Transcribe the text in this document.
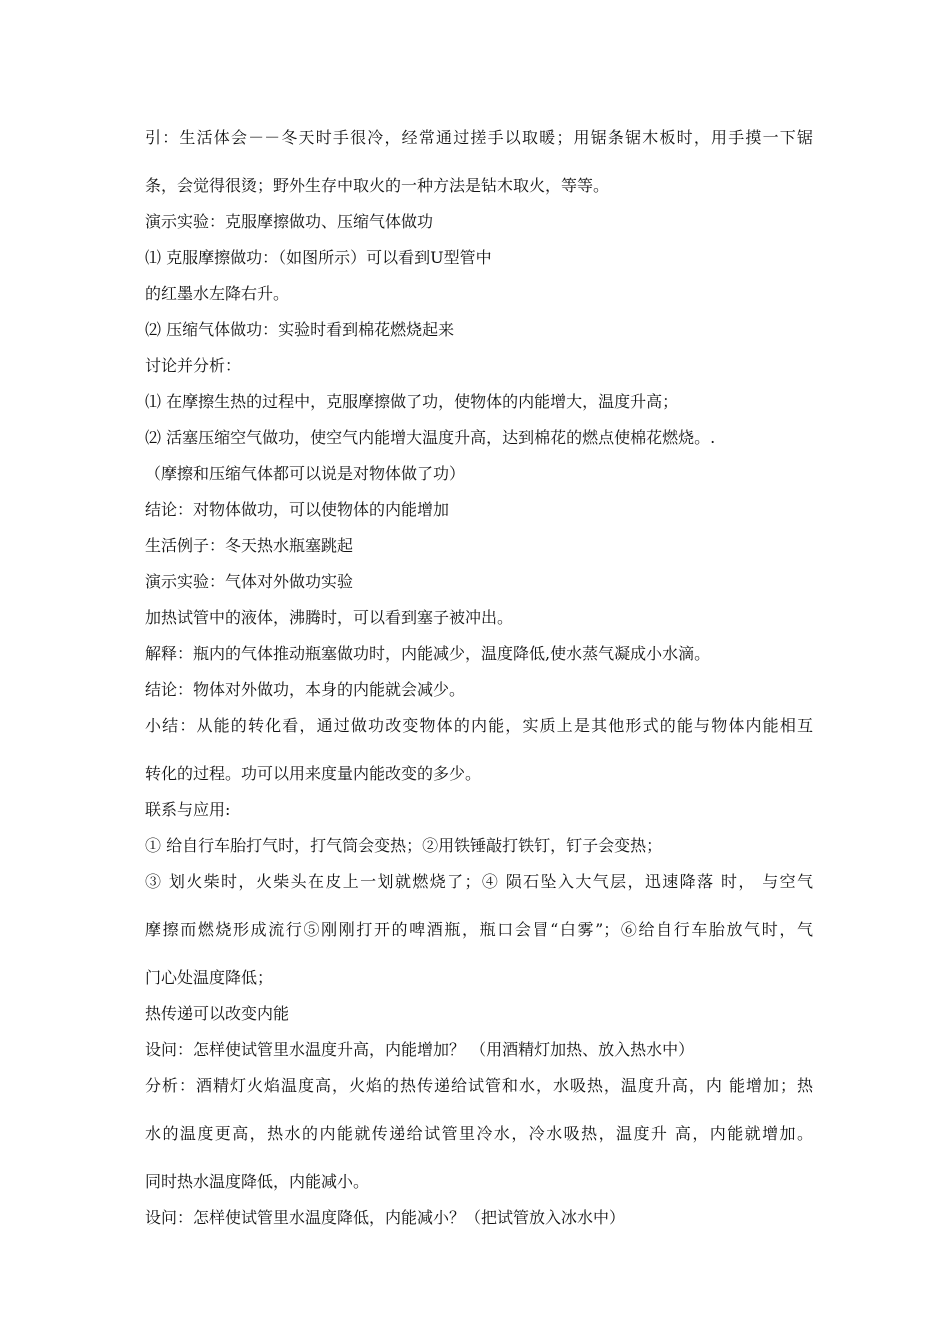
引：生活体会－－冬天时手很冷，经常通过搓手以取暖；用锯条锯木板时，用手摸一下锯
条，会觉得很烫；野外生存中取火的一种方法是钻木取火，等等。
演示实验：克服摩擦做功、压缩气体做功
⑴ 克服摩擦做功：（如图所示）可以看到U型管中
的红墨水左降右升。
⑵ 压缩气体做功：实验时看到棉花燃烧起来
讨论并分析：
⑴ 在摩擦生热的过程中，克服摩擦做了功，使物体的内能增大，温度升高；
⑵ 活塞压缩空气做功，使空气内能增大温度升高，达到棉花的燃点使棉花燃烧。.
（摩擦和压缩气体都可以说是对物体做了功）
结论：对物体做功，可以使物体的内能增加
生活例子：冬天热水瓶塞跳起
演示实验：气体对外做功实验
加热试管中的液体，沸腾时，可以看到塞子被冲出。
解释：瓶内的气体推动瓶塞做功时，内能减少，温度降低,使水蒸气凝成小水滴。
结论：物体对外做功，本身的内能就会减少。
小结：从能的转化看，通过做功改变物体的内能，实质上是其他形式的能与物体内能相互
转化的过程。功可以用来度量内能改变的多少。
联系与应用:
① 给自行车胎打气时，打气筒会变热；②用铁锤敲打铁钉，钉子会变热；
③ 划火柴时，火柴头在皮上一划就燃烧了；④ 陨石坠入大气层，迅速降落 时， 与空气
摩擦而燃烧形成流行⑤刚刚打开的啤酒瓶，瓶口会冒“白雾”；⑥给自行车胎放气时，气
门心处温度降低；
热传递可以改变内能
设问：怎样使试管里水温度升高，内能增加？ （用酒精灯加热、放入热水中）
分析：酒精灯火焰温度高，火焰的热传递给试管和水，水吸热，温度升高，内 能增加；热
水的温度更高，热水的内能就传递给试管里冷水，冷水吸热，温度升 高，内能就增加。
同时热水温度降低，内能减小。
设问：怎样使试管里水温度降低，内能减小？（把试管放入冰水中）
